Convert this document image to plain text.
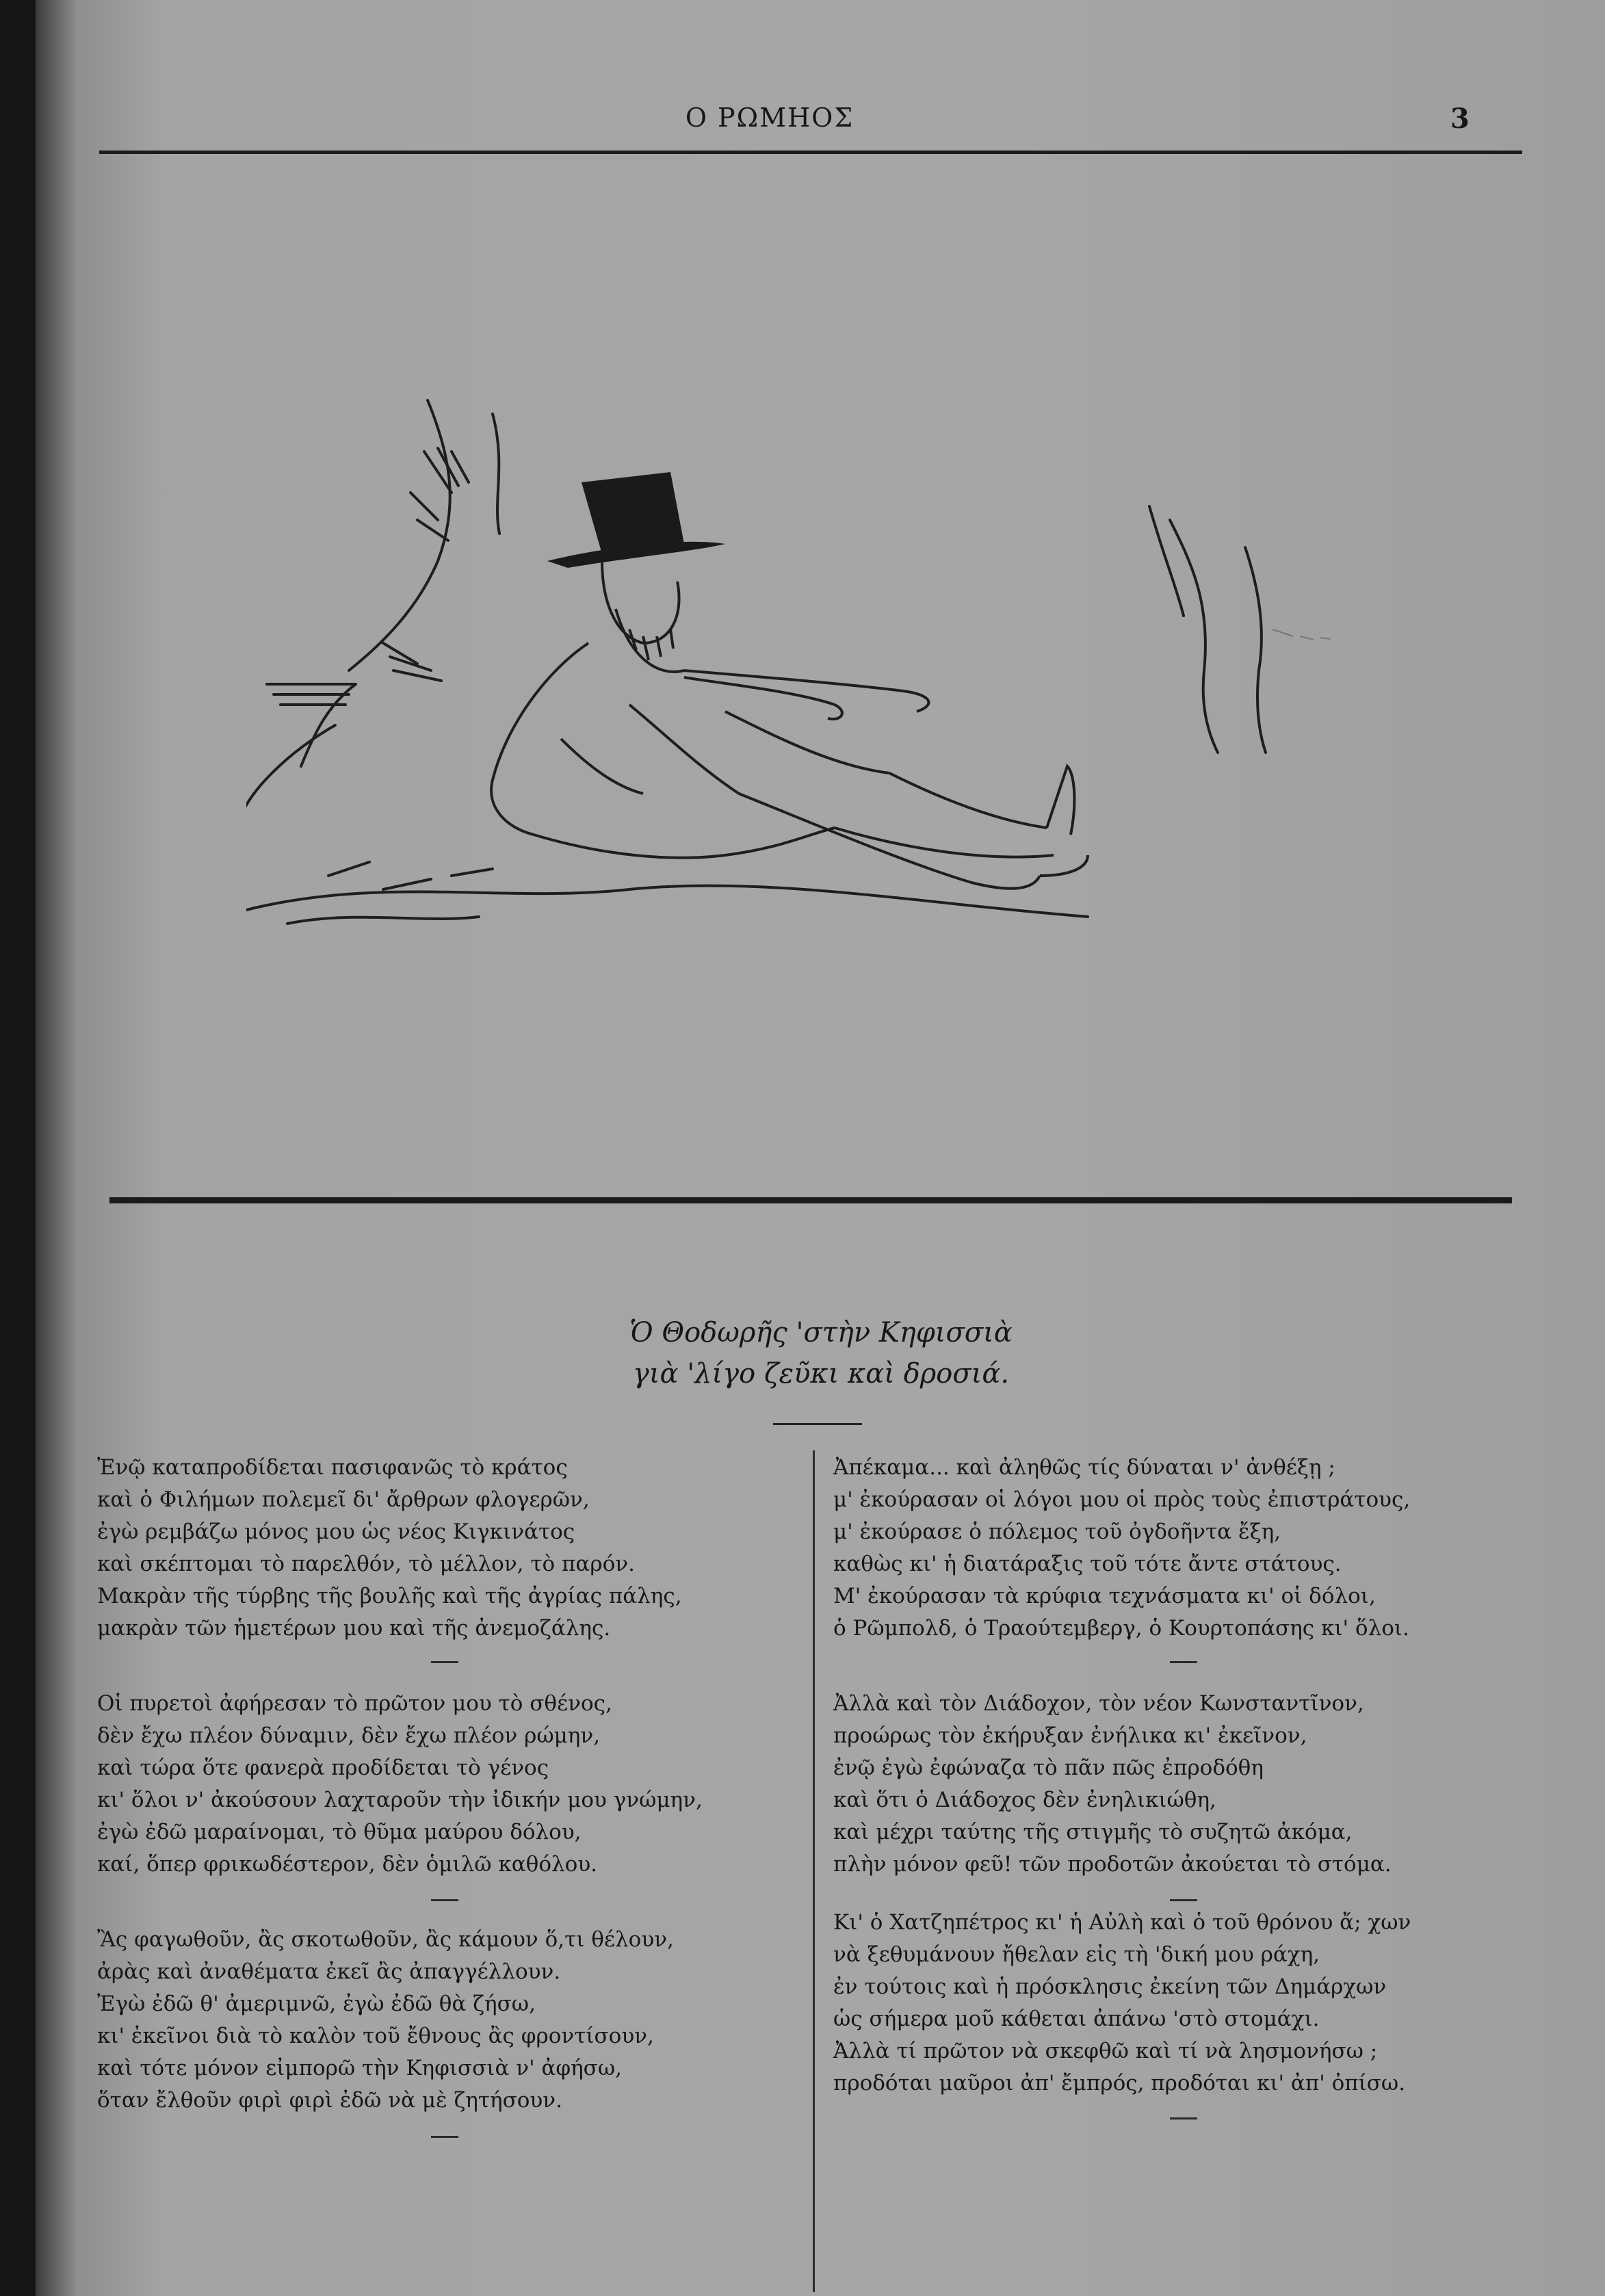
Ο ΡΩΜΗΟΣ	3
Ὁ Θοδωρῆς 'στὴν Κηφισσιὰ
γιὰ 'λίγο ζεῦκι καὶ δροσιά.
Ἐνῷ καταπροδίδεται πασιφανῶς τὸ κράτος
καὶ ὁ Φιλήμων πολεμεῖ δι' ἄρθρων φλογερῶν,
ἐγὼ ρεμβάζω μόνος μου ὡς νέος Κιγκινάτος
καὶ σκέπτομαι τὸ παρελθόν, τὸ μέλλον, τὸ παρόν.
Μακρὰν τῆς τύρβης τῆς βουλῆς καὶ τῆς ἀγρίας πάλης,
μακρὰν τῶν ἡμετέρων μου καὶ τῆς ἀνεμοζάλης.
Οἱ πυρετοὶ ἀφήρεσαν τὸ πρῶτον μου τὸ σθένος,
δὲν ἔχω πλέον δύναμιν, δὲν ἔχω πλέον ρώμην,
καὶ τώρα ὅτε φανερὰ προδίδεται τὸ γένος
κι' ὅλοι ν' ἀκούσουν λαχταροῦν τὴν ἰδικήν μου γνώμην,
ἐγὼ ἐδῶ μαραίνομαι, τὸ θῦμα μαύρου δόλου,
καί, ὅπερ φρικωδέστερον, δὲν ὁμιλῶ καθόλου.
Ἂς φαγωθοῦν, ἂς σκοτωθοῦν, ἂς κάμουν ὅ,τι θέλουν,
ἀρὰς καὶ ἀναθέματα ἐκεῖ ἂς ἀπαγγέλλουν.
Ἐγὼ ἐδῶ θ' ἀμεριμνῶ, ἐγὼ ἐδῶ θὰ ζήσω,
κι' ἐκεῖνοι διὰ τὸ καλὸν τοῦ ἔθνους ἂς φροντίσουν,
καὶ τότε μόνον εἰμπορῶ τὴν Κηφισσιὰ ν' ἀφήσω,
ὅταν ἔλθοῦν φιρὶ φιρὶ ἐδῶ νὰ μὲ ζητήσουν.
Ἀπέκαμα... καὶ ἀληθῶς τίς δύναται ν' ἀνθέξῃ ;
μ' ἐκούρασαν οἱ λόγοι μου οἱ πρὸς τοὺς ἐπιστράτους,
μ' ἐκούρασε ὁ πόλεμος τοῦ ὀγδοῆντα ἔξη,
καθὼς κι' ἡ διατάραξις τοῦ τότε ἄντε στάτους.
Μ' ἐκούρασαν τὰ κρύφια τεχνάσματα κι' οἱ δόλοι,
ὁ Ρῶμπολδ, ὁ Τραούτεμβεργ, ὁ Κουρτοπάσης κι' ὅλοι.
Ἀλλὰ καὶ τὸν Διάδοχον, τὸν νέον Κωνσταντῖνον,
προώρως τὸν ἐκήρυξαν ἐνήλικα κι' ἐκεῖνον,
ἐνῷ ἐγὼ ἐφώναζα τὸ πᾶν πῶς ἐπροδόθη
καὶ ὅτι ὁ Διάδοχος δὲν ἐνηλικιώθη,
καὶ μέχρι ταύτης τῆς στιγμῆς τὸ συζητῶ ἀκόμα,
πλὴν μόνον φεῦ! τῶν προδοτῶν ἀκούεται τὸ στόμα.
Κι' ὁ Χατζηπέτρος κι' ἡ Αὐλὴ καὶ ὁ τοῦ θρόνου ἄ; χων
νὰ ξεθυμάνουν ἤθελαν εἰς τὴ 'δική μου ράχη,
ἐν τούτοις καὶ ἡ πρόσκλησις ἐκείνη τῶν Δημάρχων
ὡς σήμερα μοῦ κάθεται ἀπάνω 'στὸ στομάχι.
Ἀλλὰ τί πρῶτον νὰ σκεφθῶ καὶ τί νὰ λησμονήσω ;
προδόται μαῦροι ἀπ' ἔμπρός, προδόται κι' ἀπ' ὀπίσω.
